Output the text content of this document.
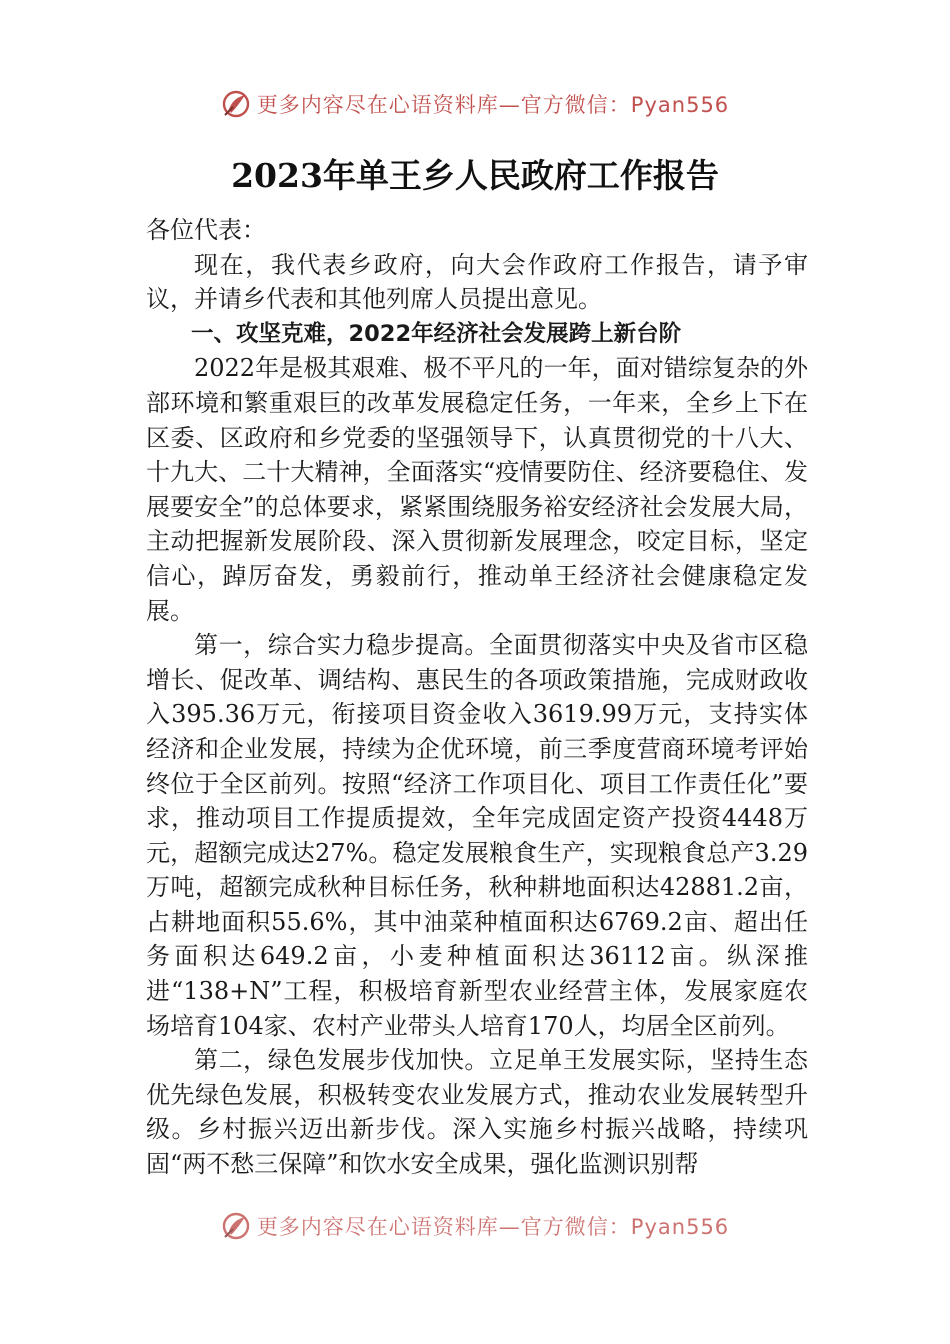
更多内容尽在心语资料库—官方微信：Pyan556
2023年单王乡人民政府工作报告

各位代表：

现在，我代表乡政府，向大会作政府工作报告，请予审议，并请乡代表和其他列席人员提出意见。

一、攻坚克难，2022年经济社会发展跨上新台阶

2022年是极其艰难、极不平凡的一年，面对错综复杂的外部环境和繁重艰巨的改革发展稳定任务，一年来，全乡上下在区委、区政府和乡党委的坚强领导下，认真贯彻党的十八大、十九大、二十大精神，全面落实“疫情要防住、经济要稳住、发展要安全”的总体要求，紧紧围绕服务裕安经济社会发展大局，主动把握新发展阶段、深入贯彻新发展理念，咬定目标，坚定信心，踔厉奋发，勇毅前行，推动单王经济社会健康稳定发展。

第一，综合实力稳步提高。全面贯彻落实中央及省市区稳增长、促改革、调结构、惠民生的各项政策措施，完成财政收入395.36万元，衔接项目资金收入3619.99万元，支持实体经济和企业发展，持续为企优环境，前三季度营商环境考评始终位于全区前列。按照“经济工作项目化、项目工作责任化”要求，推动项目工作提质提效，全年完成固定资产投资4448万元，超额完成达27%。稳定发展粮食生产，实现粮食总产3.29万吨，超额完成秋种目标任务，秋种耕地面积达42881.2亩，占耕地面积55.6%，其中油菜种植面积达6769.2亩、超出任务面积达649.2亩，小麦种植面积达36112亩。纵深推进“138+N”工程，积极培育新型农业经营主体，发展家庭农场培育104家、农村产业带头人培育170人，均居全区前列。

第二，绿色发展步伐加快。立足单王发展实际，坚持生态优先绿色发展，积极转变农业发展方式，推动农业发展转型升级。乡村振兴迈出新步伐。深入实施乡村振兴战略，持续巩固“两不愁三保障”和饮水安全成果，强化监测识别帮

更多内容尽在心语资料库—官方微信：Pyan556
